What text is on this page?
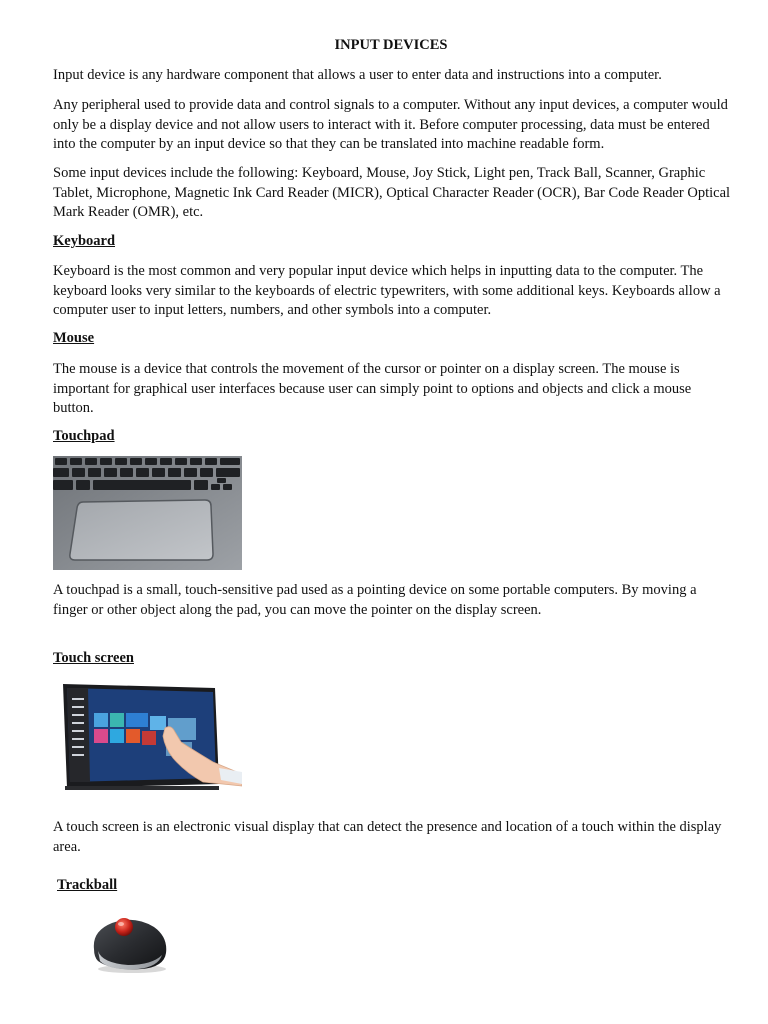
INPUT DEVICES

Input device is any hardware component that allows a user to enter data and instructions into a computer.

Any peripheral used to provide data and control signals to a computer. Without any input devices, a computer would only be a display device and not allow users to interact with it. Before computer processing, data must be entered into the computer by an input device so that they can be translated into machine readable form.

Some input devices include the following: Keyboard, Mouse, Joy Stick, Light pen, Track Ball, Scanner, Graphic Tablet, Microphone, Magnetic Ink Card Reader (MICR), Optical Character Reader (OCR), Bar Code Reader Optical Mark Reader (OMR), etc.

Keyboard

Keyboard is the most common and very popular input device which helps in inputting data to the computer. The keyboard looks very similar to the keyboards of electric typewriters, with some additional keys. Keyboards allow a computer user to input letters, numbers, and other symbols into a computer.

Mouse

The mouse is a device that controls the movement of the cursor or pointer on a display screen. The mouse is important for graphical user interfaces because user can simply point to options and objects and click a mouse button.

Touchpad

A touchpad is a small, touch-sensitive pad used as a pointing device on some portable computers. By moving a finger or other object along the pad, you can move the pointer on the display screen.

Touch screen

A touch screen is an electronic visual display that can detect the presence and location of a touch within the display area.

Trackball
